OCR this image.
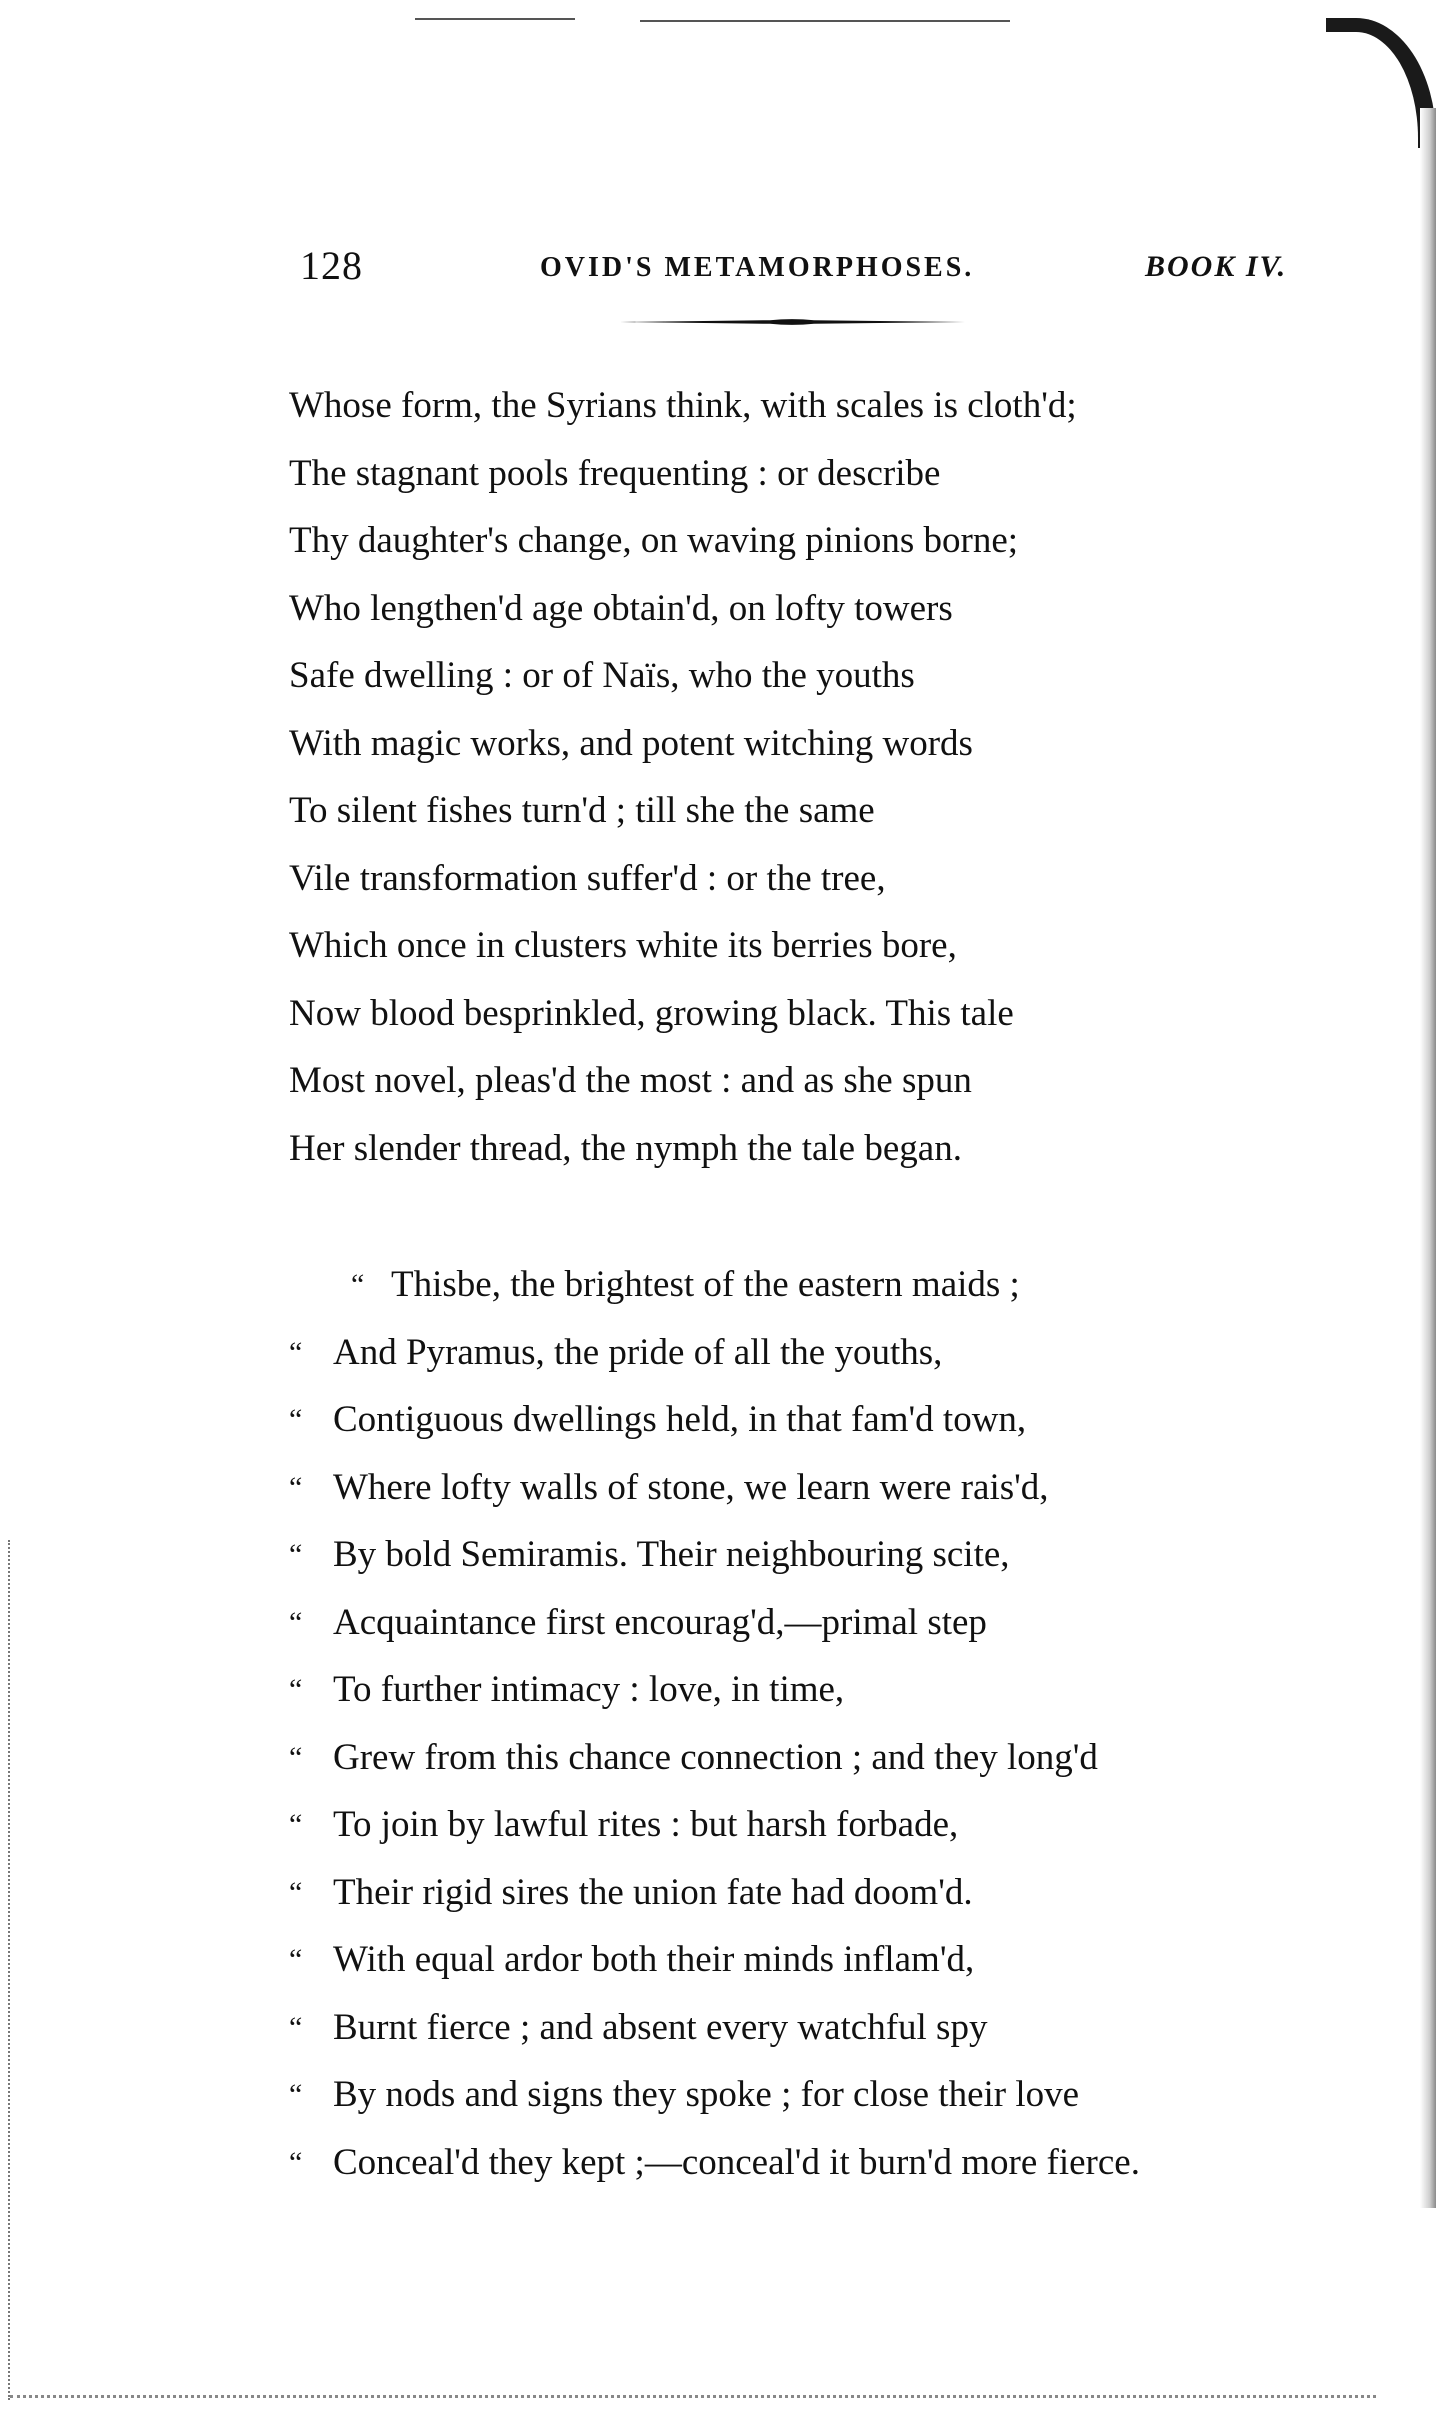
128	OVID'S METAMORPHOSES.	BOOK IV.
Whose form, the Syrians think, with scales is cloth'd;
The stagnant pools frequenting : or describe
Thy daughter's change, on waving pinions borne;
Who lengthen'd age obtain'd, on lofty towers
Safe dwelling : or of Naïs, who the youths
With magic works, and potent witching words
To silent fishes turn'd ; till she the same
Vile transformation suffer'd : or the tree,
Which once in clusters white its berries bore,
Now blood besprinkled, growing black. This tale
Most novel, pleas'd the most : and as she spun
Her slender thread, the nymph the tale began.
“ Thisbe, the brightest of the eastern maids ;
“ And Pyramus, the pride of all the youths,
“ Contiguous dwellings held, in that fam'd town,
“ Where lofty walls of stone, we learn were rais'd,
“ By bold Semiramis. Their neighbouring scite,
“ Acquaintance first encourag'd,—primal step
“ To further intimacy : love, in time,
“ Grew from this chance connection ; and they long'd
“ To join by lawful rites : but harsh forbade,
“ Their rigid sires the union fate had doom'd.
“ With equal ardor both their minds inflam'd,
“ Burnt fierce ; and absent every watchful spy
“ By nods and signs they spoke ; for close their love
“ Conceal'd they kept ;—conceal'd it burn'd more fierce.
